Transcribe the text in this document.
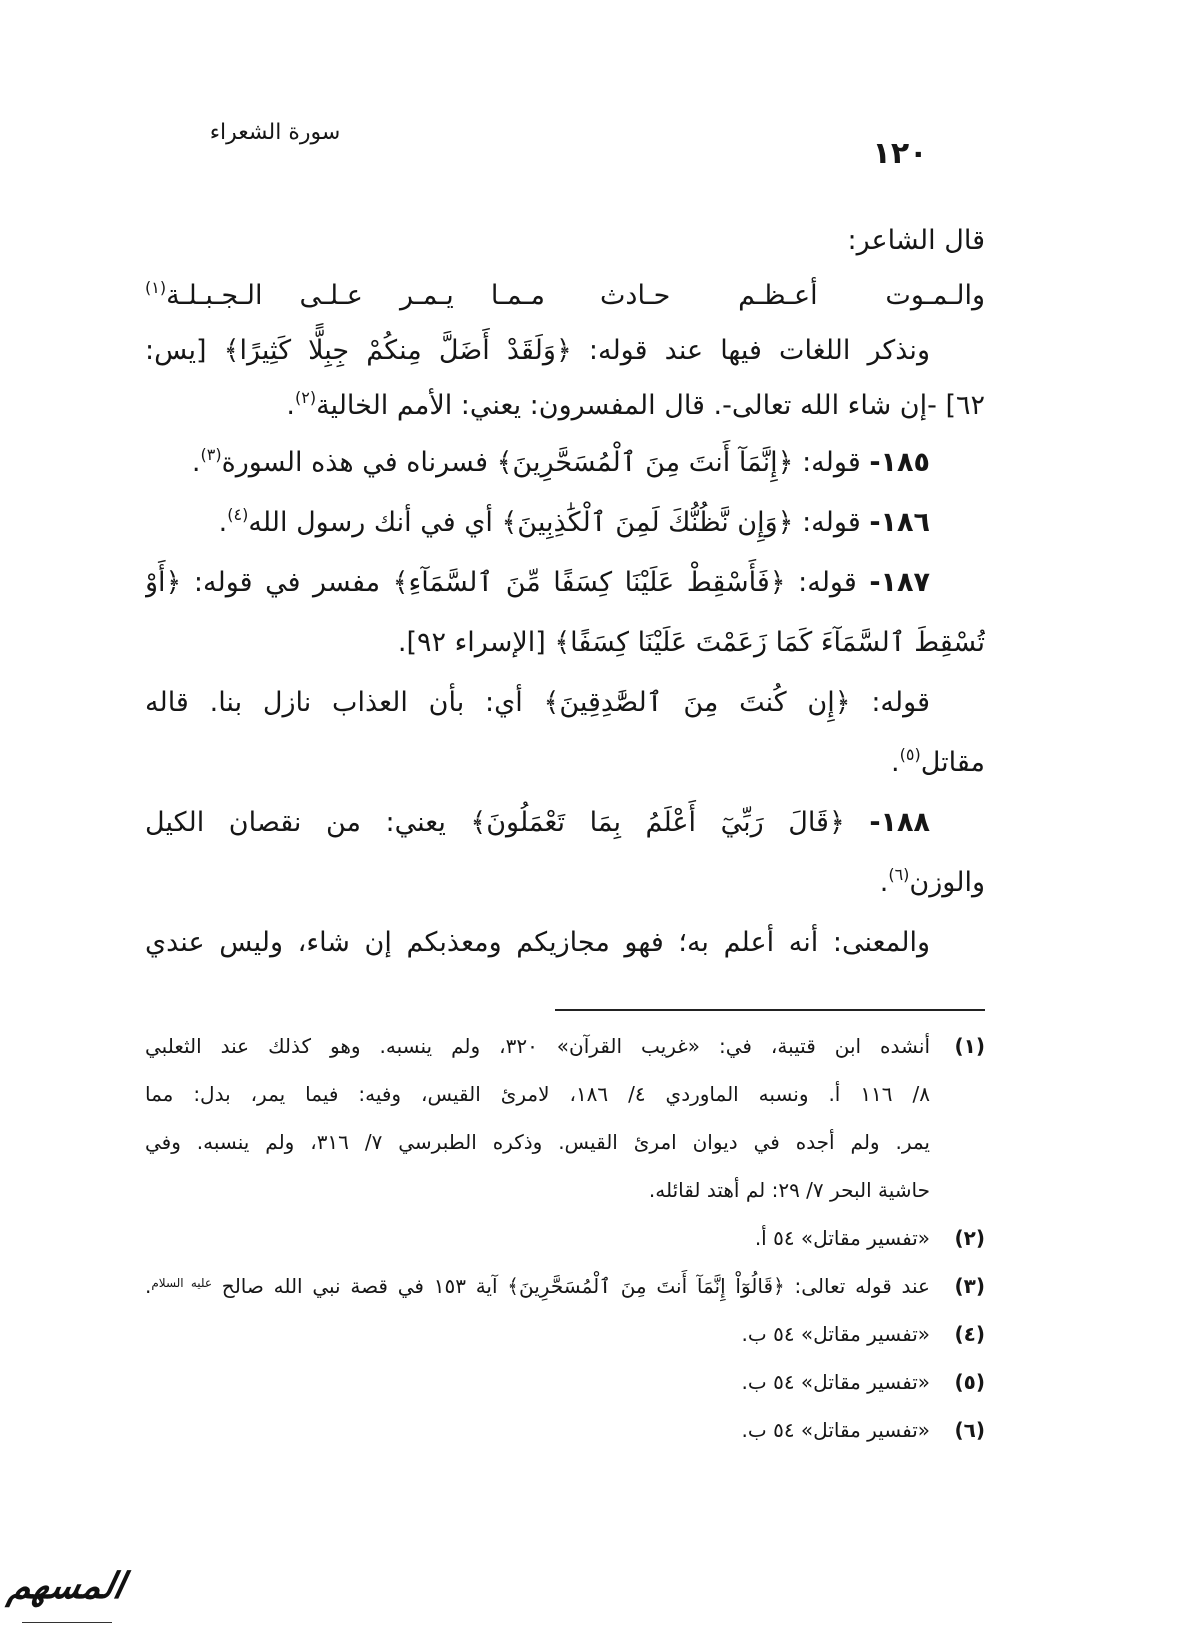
سورة الشعراء
١٢٠
قال الشاعر:
والـمـوت أعـظـم حـادث
مـمـا يـمـر عـلـى الـجـبـلـة$^{(١)}$
ونذكر اللغات فيها عند قوله: ﴿وَلَقَدْ أَضَلَّ مِنكُمْ جِبِلًّا كَثِيرًا﴾ [يس:
٦٢] -إن شاء الله تعالى-. قال المفسرون: يعني: الأمم الخالية$^{(٢)}$.
١٨٥- قوله: ﴿إِنَّمَآ أَنتَ مِنَ ٱلْمُسَحَّرِينَ﴾ فسرناه في هذه السورة$^{(٣)}$.
١٨٦- قوله: ﴿وَإِن نَّظُنُّكَ لَمِنَ ٱلْكَٰذِبِينَ﴾ أي في أنك رسول الله$^{(٤)}$.
١٨٧- قوله: ﴿فَأَسْقِطْ عَلَيْنَا كِسَفًا مِّنَ ٱلسَّمَآءِ﴾ مفسر في قوله: ﴿أَوْ
تُسْقِطَ ٱلسَّمَآءَ كَمَا زَعَمْتَ عَلَيْنَا كِسَفًا﴾ [الإسراء ٩٢].
قوله: ﴿إِن كُنتَ مِنَ ٱلصَّٰدِقِينَ﴾ أي: بأن العذاب نازل بنا. قاله
مقاتل$^{(٥)}$.
١٨٨- ﴿قَالَ رَبِّيٓ أَعْلَمُ بِمَا تَعْمَلُونَ﴾ يعني: من نقصان الكيل
والوزن$^{(٦)}$.
والمعنى: أنه أعلم به؛ فهو مجازيكم ومعذبكم إن شاء، وليس عندي
(١)
أنشده ابن قتيبة، في: «غريب القرآن» ٣٢٠، ولم ينسبه. وهو كذلك عند الثعلبي
٨/ ١١٦ أ. ونسبه الماوردي ٤/ ١٨٦، لامرئ القيس، وفيه: فيما يمر، بدل: مما
يمر. ولم أجده في ديوان امرئ القيس. وذكره الطبرسي ٧/ ٣١٦، ولم ينسبه. وفي
حاشية البحر ٧/ ٢٩: لم أهتد لقائله.
(٢)
«تفسير مقاتل» ٥٤ أ.
(٣)
عند قوله تعالى: ﴿قَالُوٓاْ إِنَّمَآ أَنتَ مِنَ ٱلْمُسَحَّرِينَ﴾ آية ١٥٣ في قصة نبي الله صالح $^{عليه السلام}$.
(٤)
«تفسير مقاتل» ٥٤ ب.
(٥)
«تفسير مقاتل» ٥٤ ب.
(٦)
«تفسير مقاتل» ٥٤ ب.
المسهم
